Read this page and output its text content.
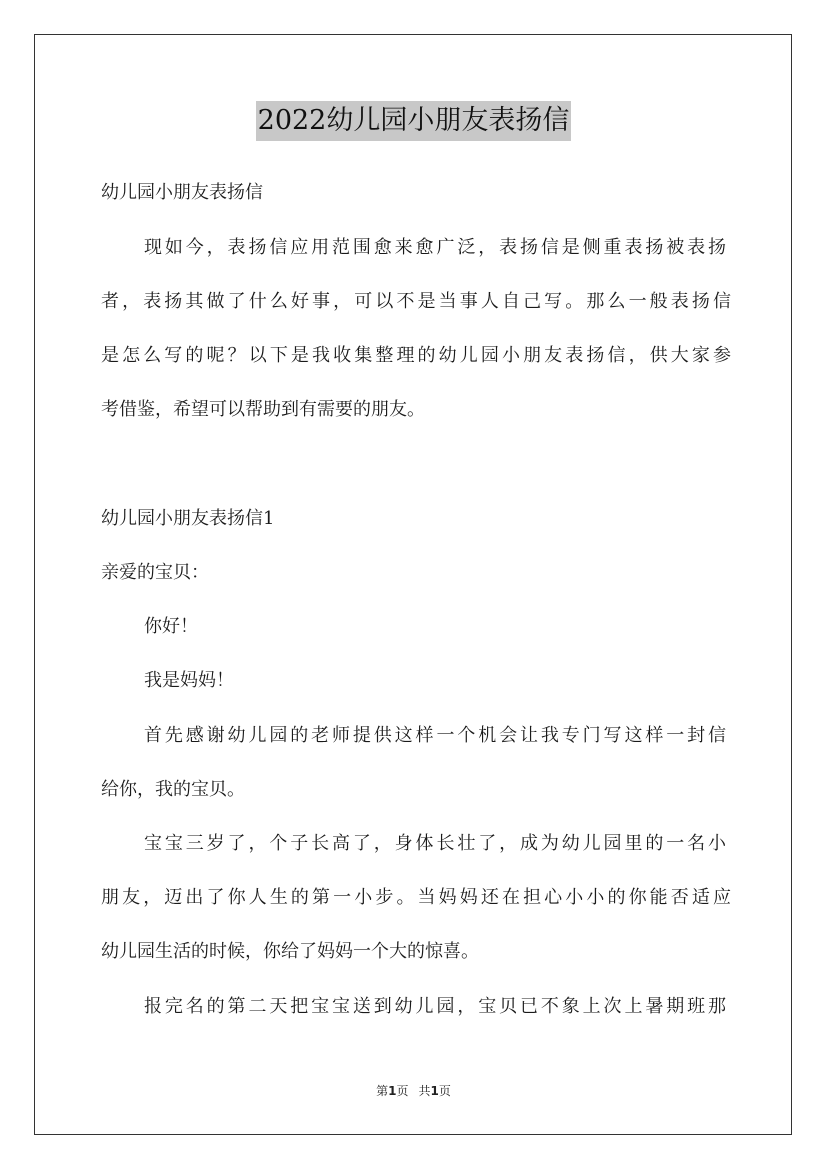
2022幼儿园小朋友表扬信
幼儿园小朋友表扬信
现如今，表扬信应用范围愈来愈广泛，表扬信是侧重表扬被表扬
者，表扬其做了什么好事，可以不是当事人自己写。那么一般表扬信
是怎么写的呢？以下是我收集整理的幼儿园小朋友表扬信，供大家参
考借鉴，希望可以帮助到有需要的朋友。
幼儿园小朋友表扬信1
亲爱的宝贝：
你好！
我是妈妈！
首先感谢幼儿园的老师提供这样一个机会让我专门写这样一封信
给你，我的宝贝。
宝宝三岁了，个子长高了，身体长壮了，成为幼儿园里的一名小
朋友，迈出了你人生的第一小步。当妈妈还在担心小小的你能否适应
幼儿园生活的时候，你给了妈妈一个大的惊喜。
报完名的第二天把宝宝送到幼儿园，宝贝已不象上次上暑期班那
第1页 共1页
